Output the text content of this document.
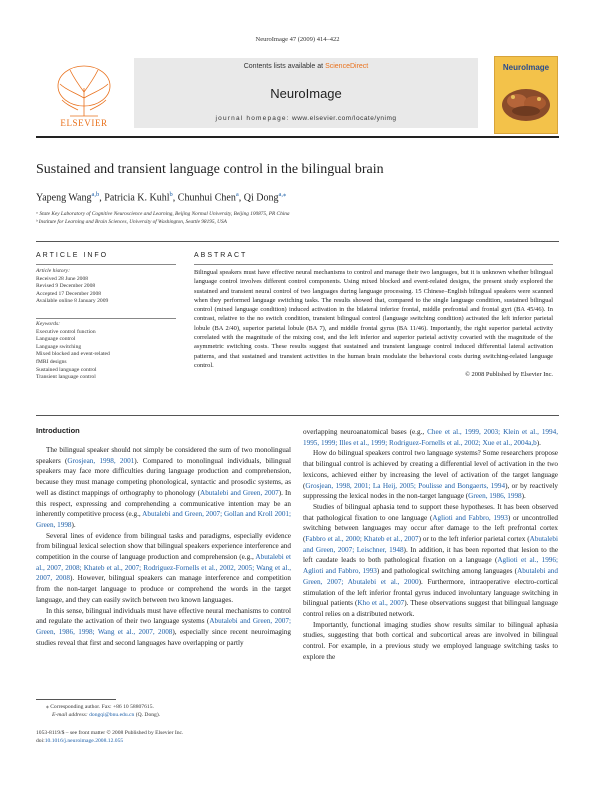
NeuroImage 47 (2009) 414–422
ELSEVIER
Contents lists available at ScienceDirect
NeuroImage
journal homepage: www.elsevier.com/locate/ynimg
NeuroImage
Sustained and transient language control in the bilingual brain
Yapeng Wang$^{a,b}$, Patricia K. Kuhl$^b$, Chunhui Chen$^a$, Qi Dong$^{a,⁎}$
ᵃ State Key Laboratory of Cognitive Neuroscience and Learning, Beijing Normal University, Beijing 100875, PR China
ᵇ Institute for Learning and Brain Sciences, University of Washington, Seattle 98195, USA
ARTICLE INFO
Article history:
Received 28 June 2008
Revised 9 December 2008
Accepted 17 December 2008
Available online 8 January 2009
Keywords:
Executive control function
Language control
Language switching
Mixed blocked and event-related
fMRI designs
Sustained language control
Transient language control
ABSTRACT
Bilingual speakers must have effective neural mechanisms to control and manage their two languages, but it is unknown whether bilingual language control involves different control components. Using mixed blocked and event-related designs, the present study explored the sustained and transient neural control of two languages during language processing. 15 Chinese–English bilingual speakers were scanned when they performed language switching tasks. The results showed that, compared to the single language condition, sustained bilingual control (mixed language condition) induced activation in the bilateral inferior frontal, middle prefrontal and frontal gyri (BA 45/46). In contrast, relative to the no switch condition, transient bilingual control (language switching condition) activated the left inferior parietal lobule (BA 2/40), superior parietal lobule (BA 7), and middle frontal gyrus (BA 11/46). Importantly, the right superior parietal activity correlated with the magnitude of the mixing cost, and the left inferior and superior parietal activity covaried with the magnitude of the asymmetric switching costs. These results suggest that sustained and transient language control induced differential lateral activation patterns, and that sustained and transient activities in the human brain modulate the behavioral costs during switching-related language control.
© 2008 Published by Elsevier Inc.
Introduction

The bilingual speaker should not simply be considered the sum of two monolingual speakers (Grosjean, 1998, 2001). Compared to monolingual individuals, bilingual speakers may face more difficulties during language production and comprehension, because they must manage competing phonological, syntactic and prosodic systems, as well as distinct mappings of orthography to phonology (Abutalebi and Green, 2007). In this respect, expressing and comprehending a communicative intention may be an inherently competitive process (e.g., Abutalebi and Green, 2007; Gollan and Kroll 2001; Green, 1998).

Several lines of evidence from bilingual tasks and paradigms, especially evidence from bilingual lexical selection show that bilingual speakers experience interference and competition in the course of language production and comprehension (e.g., Abutalebi et al., 2007, 2008; Khateb et al., 2007; Rodriguez-Fornells et al., 2002, 2005; Wang et al., 2007, 2008). However, bilingual speakers can manage interference and competition from the non-target language to produce or comprehend the words in the target language, and they can easily switch between two known languages.

In this sense, bilingual individuals must have effective neural mechanisms to control and regulate the activation of their two language systems (Abutalebi and Green, 2007; Green, 1986, 1998; Wang et al., 2007, 2008), especially since recent neuroimaging studies reveal that first and second languages have overlapping or partly

overlapping neuroanatomical bases (e.g., Chee et al., 1999, 2003; Klein et al., 1994, 1995, 1999; Illes et al., 1999; Rodriguez-Fornells et al., 2002; Xue et al., 2004a,b).

How do bilingual speakers control two language systems? Some researchers propose that bilingual control is achieved by creating a differential level of activation in the two lexicons, achieved either by increasing the level of activation of the target language (Grosjean, 1998, 2001; La Heij, 2005; Poulisse and Bongaerts, 1994), or by reactively suppressing the lexical nodes in the non-target language (Green, 1986, 1998).

Studies of bilingual aphasia tend to support these hypotheses. It has been observed that pathological fixation to one language (Aglioti and Fabbro, 1993) or uncontrolled switching between languages may occur after damage to the left prefrontal cortex (Fabbro et al., 2000; Khateb et al., 2007) or to the left inferior parietal cortex (Abutalebi and Green, 2007; Leischner, 1948). In addition, it has been reported that lesion to the left caudate leads to both pathological fixation on a language (Aglioti et al., 1996; Aglioti and Fabbro, 1993) and pathological switching among languages (Abutalebi and Green, 2007; Abutalebi et al., 2000). Furthermore, intraoperative electro-cortical stimulation of the left inferior frontal gyrus induced involuntary language switching in bilingual patients (Kho et al., 2007). These observations suggest that bilingual language control relies on a distributed network.

Importantly, functional imaging studies show results similar to bilingual aphasia studies, suggesting that both cortical and subcortical areas are involved in bilingual control. For example, in a previous study we employed language switching tasks to explore the

⁎ Corresponding author. Fax: +86 10 58807615.
E-mail address: dongqi@bnu.edu.cn (Q. Dong).
1053-8119/$ – see front matter © 2008 Published by Elsevier Inc.
doi:10.1016/j.neuroimage.2008.12.055
